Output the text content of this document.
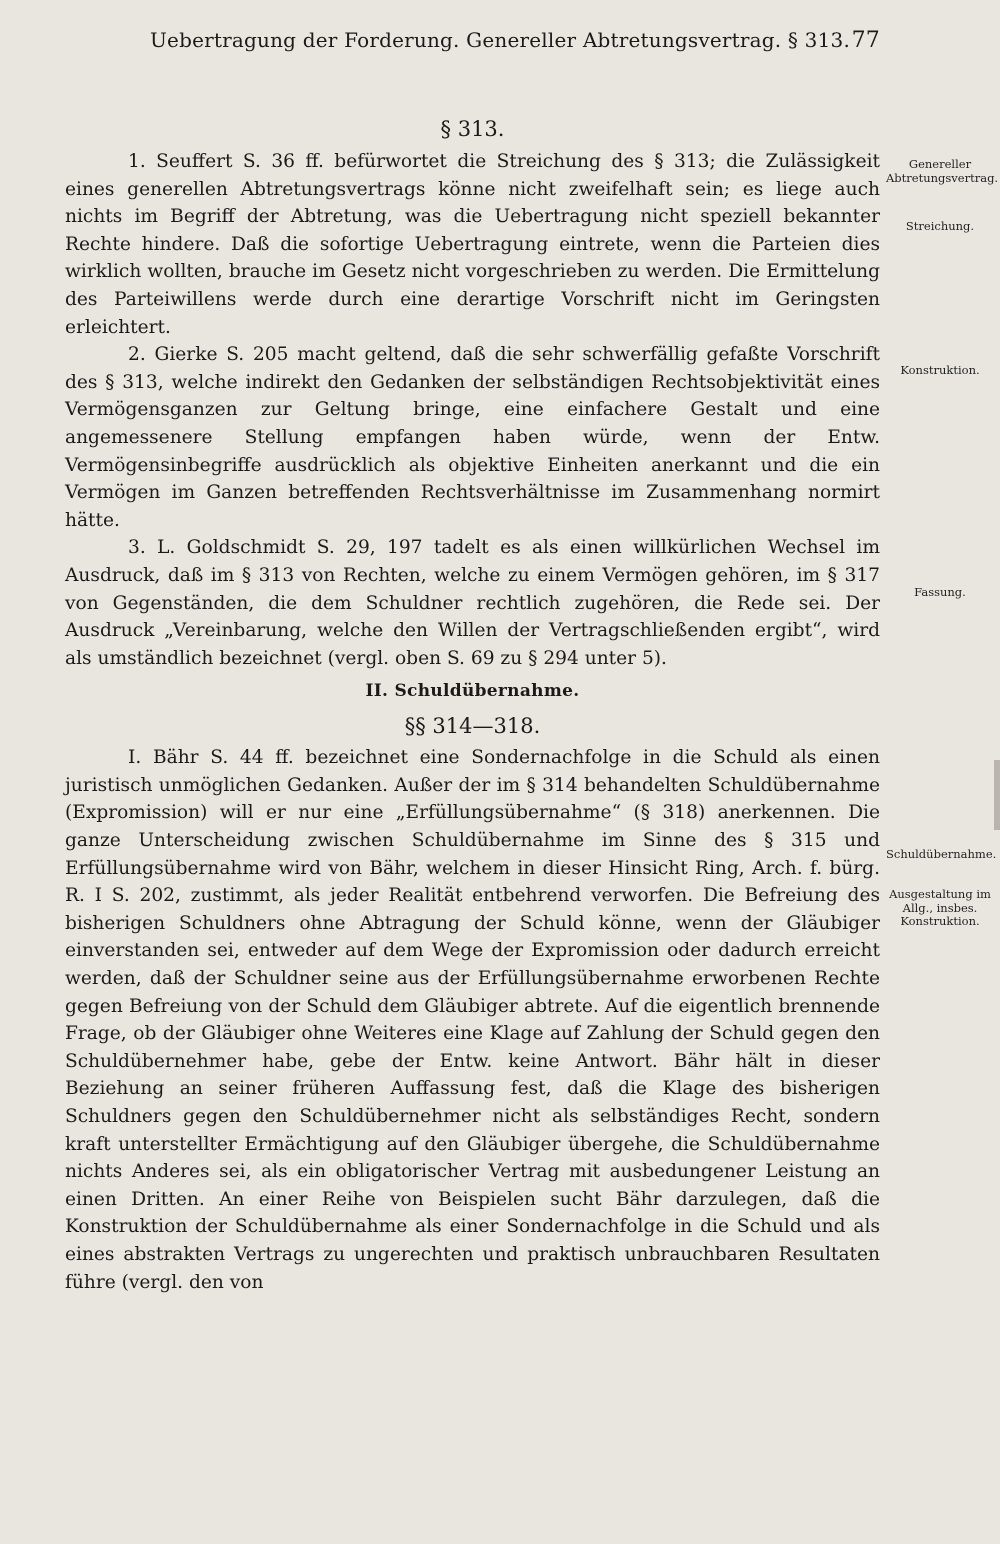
Uebertragung der Forderung. Genereller Abtretungsvertrag. § 313. 77
§ 313.

1. Seuffert S. 36 ff. befürwortet die Streichung des § 313; die Zulässigkeit eines generellen Abtretungsvertrags könne nicht zweifelhaft sein; es liege auch nichts im Begriff der Abtretung, was die Uebertragung nicht speziell bekannter Rechte hindere. Daß die sofortige Uebertragung eintrete, wenn die Parteien dies wirklich wollten, brauche im Gesetz nicht vorgeschrieben zu werden. Die Ermittelung des Parteiwillens werde durch eine derartige Vorschrift nicht im Geringsten erleichtert.

2. Gierke S. 205 macht geltend, daß die sehr schwerfällig gefaßte Vorschrift des § 313, welche indirekt den Gedanken der selbständigen Rechtsobjektivität eines Vermögensganzen zur Geltung bringe, eine einfachere Gestalt und eine angemessenere Stellung empfangen haben würde, wenn der Entw. Vermögensinbegriffe ausdrücklich als objektive Einheiten anerkannt und die ein Vermögen im Ganzen betreffenden Rechtsverhältnisse im Zusammenhang normirt hätte.

3. L. Goldschmidt S. 29, 197 tadelt es als einen willkürlichen Wechsel im Ausdruck, daß im § 313 von Rechten, welche zu einem Vermögen gehören, im § 317 von Gegenständen, die dem Schuldner rechtlich zugehören, die Rede sei. Der Ausdruck „Vereinbarung, welche den Willen der Vertragschließenden ergibt“, wird als umständlich bezeichnet (vergl. oben S. 69 zu § 294 unter 5).

II. Schuldübernahme.
§§ 314—318.

I. Bähr S. 44 ff. bezeichnet eine Sondernachfolge in die Schuld als einen juristisch unmöglichen Gedanken. Außer der im § 314 behandelten Schuldübernahme (Expromission) will er nur eine „Erfüllungsübernahme“ (§ 318) anerkennen. Die ganze Unterscheidung zwischen Schuldübernahme im Sinne des § 315 und Erfüllungsübernahme wird von Bähr, welchem in dieser Hinsicht Ring, Arch. f. bürg. R. I S. 202, zustimmt, als jeder Realität entbehrend verworfen. Die Befreiung des bisherigen Schuldners ohne Abtragung der Schuld könne, wenn der Gläubiger einverstanden sei, entweder auf dem Wege der Expromission oder dadurch erreicht werden, daß der Schuldner seine aus der Erfüllungsübernahme erworbenen Rechte gegen Befreiung von der Schuld dem Gläubiger abtrete. Auf die eigentlich brennende Frage, ob der Gläubiger ohne Weiteres eine Klage auf Zahlung der Schuld gegen den Schuldübernehmer habe, gebe der Entw. keine Antwort. Bähr hält in dieser Beziehung an seiner früheren Auffassung fest, daß die Klage des bisherigen Schuldners gegen den Schuldübernehmer nicht als selbständiges Recht, sondern kraft unterstellter Ermächtigung auf den Gläubiger übergehe, die Schuldübernahme nichts Anderes sei, als ein obligatorischer Vertrag mit ausbedungener Leistung an einen Dritten. An einer Reihe von Beispielen sucht Bähr darzulegen, daß die Konstruktion der Schuldübernahme als einer Sondernachfolge in die Schuld und als eines abstrakten Vertrags zu ungerechten und praktisch unbrauchbaren Resultaten führe (vergl. den von

Genereller Abtretungsvertrag.
Streichung.
Konstruktion.
Fassung.
Schuldübernahme.
Ausgestaltung im Allg., insbes. Konstruktion.
